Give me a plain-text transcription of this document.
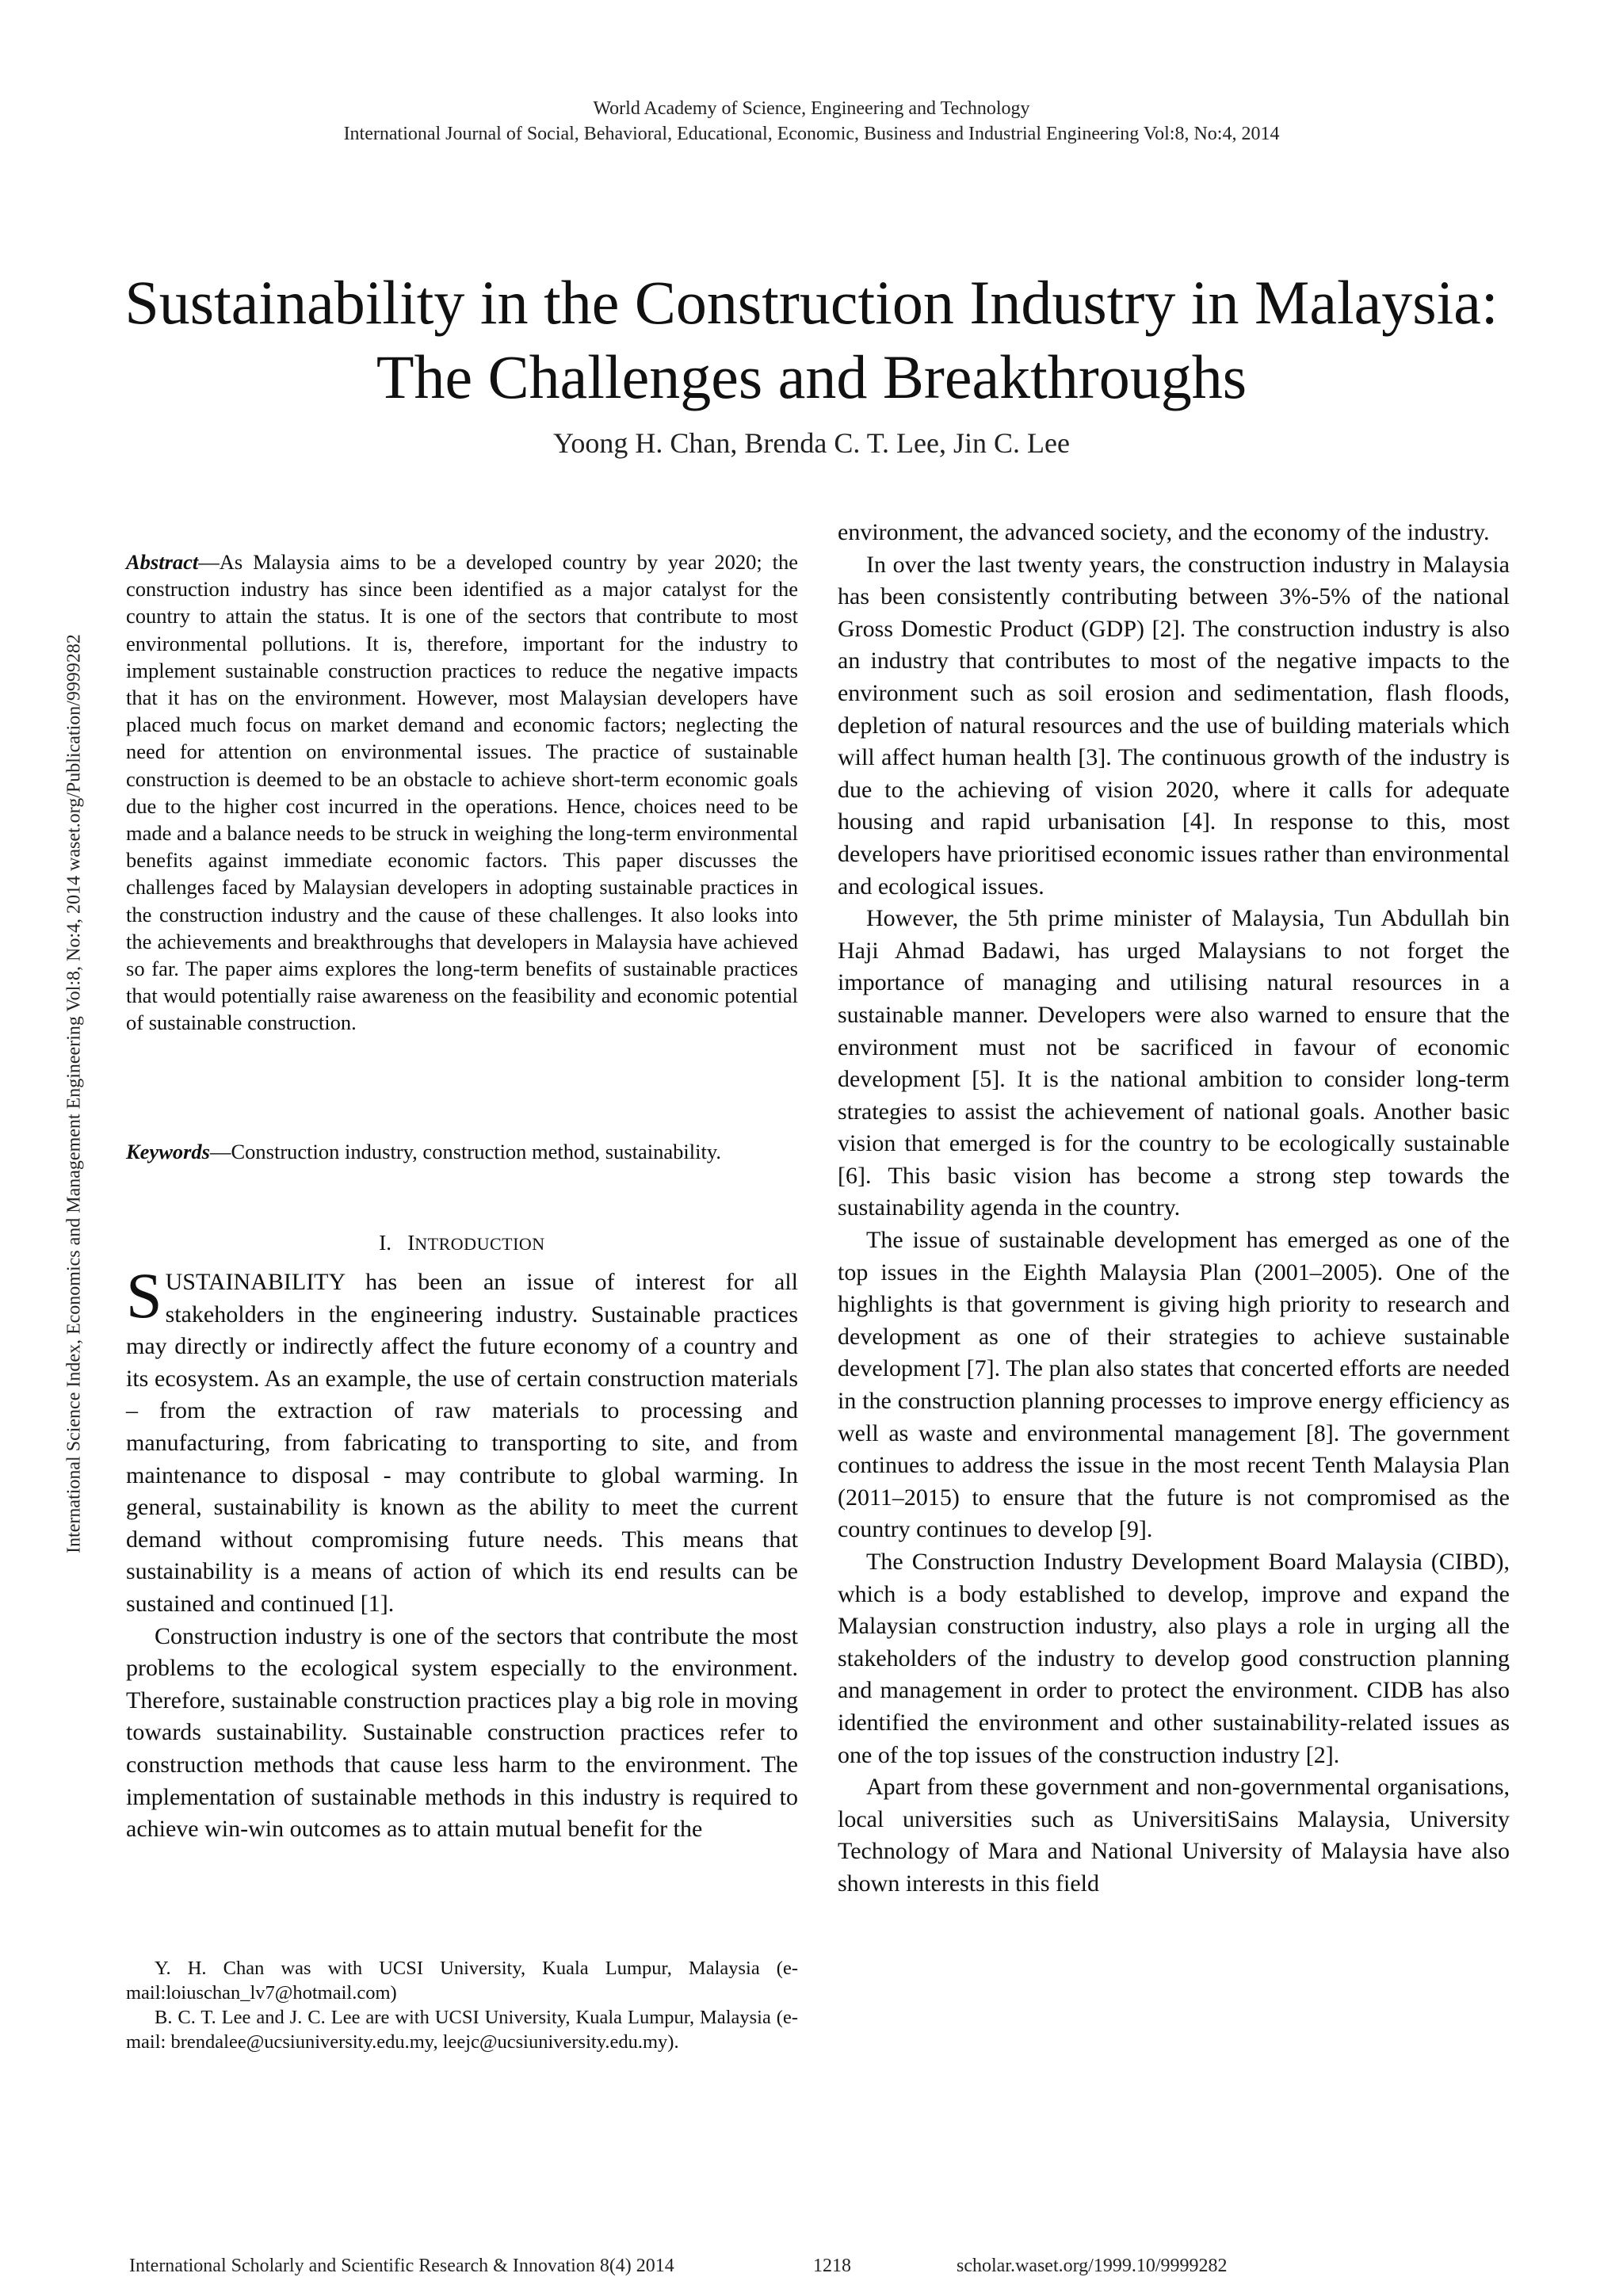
World Academy of Science, Engineering and Technology
International Journal of Social, Behavioral, Educational, Economic, Business and Industrial Engineering Vol:8, No:4, 2014
International Science Index, Economics and Management Engineering Vol:8, No:4, 2014 waset.org/Publication/9999282
Sustainability in the Construction Industry in Malaysia:
The Challenges and Breakthroughs
Yoong H. Chan, Brenda C. T. Lee, Jin C. Lee

Abstract—As Malaysia aims to be a developed country by year 2020; the construction industry has since been identified as a major catalyst for the country to attain the status. It is one of the sectors that contribute to most environmental pollutions. It is, therefore, important for the industry to implement sustainable construction practices to reduce the negative impacts that it has on the environment. However, most Malaysian developers have placed much focus on market demand and economic factors; neglecting the need for attention on environmental issues. The practice of sustainable construction is deemed to be an obstacle to achieve short-term economic goals due to the higher cost incurred in the operations. Hence, choices need to be made and a balance needs to be struck in weighing the long-term environmental benefits against immediate economic factors. This paper discusses the challenges faced by Malaysian developers in adopting sustainable practices in the construction industry and the cause of these challenges. It also looks into the achievements and breakthroughs that developers in Malaysia have achieved so far. The paper aims explores the long-term benefits of sustainable practices that would potentially raise awareness on the feasibility and economic potential of sustainable construction.

Keywords—Construction industry, construction method, sustainability.

I. INTRODUCTION

SUSTAINABILITY has been an issue of interest for all stakeholders in the engineering industry. Sustainable practices may directly or indirectly affect the future economy of a country and its ecosystem. As an example, the use of certain construction materials – from the extraction of raw materials to processing and manufacturing, from fabricating to transporting to site, and from maintenance to disposal - may contribute to global warming. In general, sustainability is known as the ability to meet the current demand without compromising future needs. This means that sustainability is a means of action of which its end results can be sustained and continued [1].

Construction industry is one of the sectors that contribute the most problems to the ecological system especially to the environment. Therefore, sustainable construction practices play a big role in moving towards sustainability. Sustainable construction practices refer to construction methods that cause less harm to the environment. The implementation of sustainable methods in this industry is required to achieve win-win outcomes as to attain mutual benefit for the

Y. H. Chan was with UCSI University, Kuala Lumpur, Malaysia (e-mail:loiuschan_lv7@hotmail.com)

B. C. T. Lee and J. C. Lee are with UCSI University, Kuala Lumpur, Malaysia (e-mail: brendalee@ucsiuniversity.edu.my, leejc@ucsiuniversity.edu.my).

environment, the advanced society, and the economy of the industry.

In over the last twenty years, the construction industry in Malaysia has been consistently contributing between 3%-5% of the national Gross Domestic Product (GDP) [2]. The construction industry is also an industry that contributes to most of the negative impacts to the environment such as soil erosion and sedimentation, flash floods, depletion of natural resources and the use of building materials which will affect human health [3]. The continuous growth of the industry is due to the achieving of vision 2020, where it calls for adequate housing and rapid urbanisation [4]. In response to this, most developers have prioritised economic issues rather than environmental and ecological issues.

However, the 5th prime minister of Malaysia, Tun Abdullah bin Haji Ahmad Badawi, has urged Malaysians to not forget the importance of managing and utilising natural resources in a sustainable manner. Developers were also warned to ensure that the environment must not be sacrificed in favour of economic development [5]. It is the national ambition to consider long-term strategies to assist the achievement of national goals. Another basic vision that emerged is for the country to be ecologically sustainable [6]. This basic vision has become a strong step towards the sustainability agenda in the country.

The issue of sustainable development has emerged as one of the top issues in the Eighth Malaysia Plan (2001–2005). One of the highlights is that government is giving high priority to research and development as one of their strategies to achieve sustainable development [7]. The plan also states that concerted efforts are needed in the construction planning processes to improve energy efficiency as well as waste and environmental management [8]. The government continues to address the issue in the most recent Tenth Malaysia Plan (2011–2015) to ensure that the future is not compromised as the country continues to develop [9].

The Construction Industry Development Board Malaysia (CIBD), which is a body established to develop, improve and expand the Malaysian construction industry, also plays a role in urging all the stakeholders of the industry to develop good construction planning and management in order to protect the environment. CIDB has also identified the environment and other sustainability-related issues as one of the top issues of the construction industry [2].

Apart from these government and non-governmental organisations, local universities such as UniversitiSains Malaysia, University Technology of Mara and National University of Malaysia have also shown interests in this field

International Scholarly and Scientific Research & Innovation 8(4) 2014	1218	scholar.waset.org/1999.10/9999282
